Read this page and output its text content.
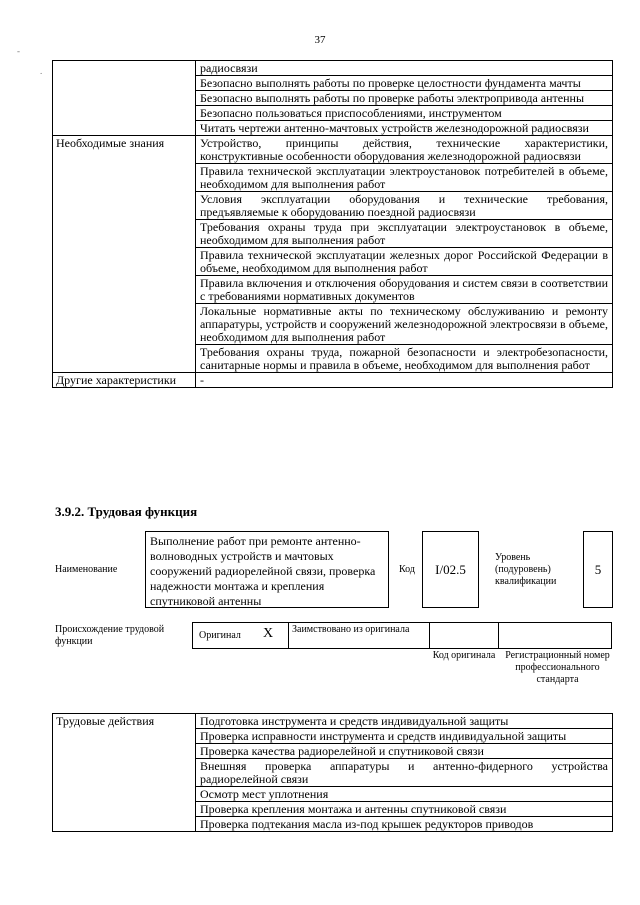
37
-
.
		радиосвязи
	Безопасно выполнять работы по проверке целостности фундамента мачты
	Безопасно выполнять работы по проверке работы электропривода антенны
	Безопасно пользоваться приспособлениями, инструментом
	Читать чертежи антенно-мачтовых устройств железнодорожной радиосвязи
Необходимые знания	Устройство, принципы действия, технические характеристики, конструктивные особенности оборудования железнодорожной радиосвязи
	Правила технической эксплуатации электроустановок потребителей в объеме, необходимом для выполнения работ
	Условия эксплуатации оборудования и технические требования, предъявляемые к оборудованию поездной радиосвязи
	Требования охраны труда при эксплуатации электроустановок в объеме, необходимом для выполнения работ
	Правила технической эксплуатации железных дорог Российской Федерации в объеме, необходимом для выполнения работ
	Правила включения и отключения оборудования и систем связи в соответствии с требованиями нормативных документов
	Локальные нормативные акты по техническому обслуживанию и ремонту аппаратуры, устройств и сооружений железнодорожной электросвязи в объеме, необходимом для выполнения работ
	Требования охраны труда, пожарной безопасности и электробезопасности, санитарные нормы и правила в объеме, необходимом для выполнения работ
Другие характеристики	-
3.9.2. Трудовая функция
Наименование
Выполнение работ при ремонте антенно-волноводных устройств и мачтовых сооружений радиорелейной связи, проверка надежности монтажа и крепления спутниковой антенны
Код I/02.5
Уровень (подуровень) квалификации
5
Происхождение трудовой функции
Оригинал X Заимствовано из оригинала
Код оригинала Регистрационный номер профессионального стандарта
Трудовые действия	Подготовка инструмента и средств индивидуальной защиты
Проверка исправности инструмента и средств индивидуальной защиты
Проверка качества радиорелейной и спутниковой связи
Внешняя проверка аппаратуры и антенно-фидерного устройства радиорелейной связи
Осмотр мест уплотнения
Проверка крепления монтажа и антенны спутниковой связи
Проверка подтекания масла из-под крышек редукторов приводов
